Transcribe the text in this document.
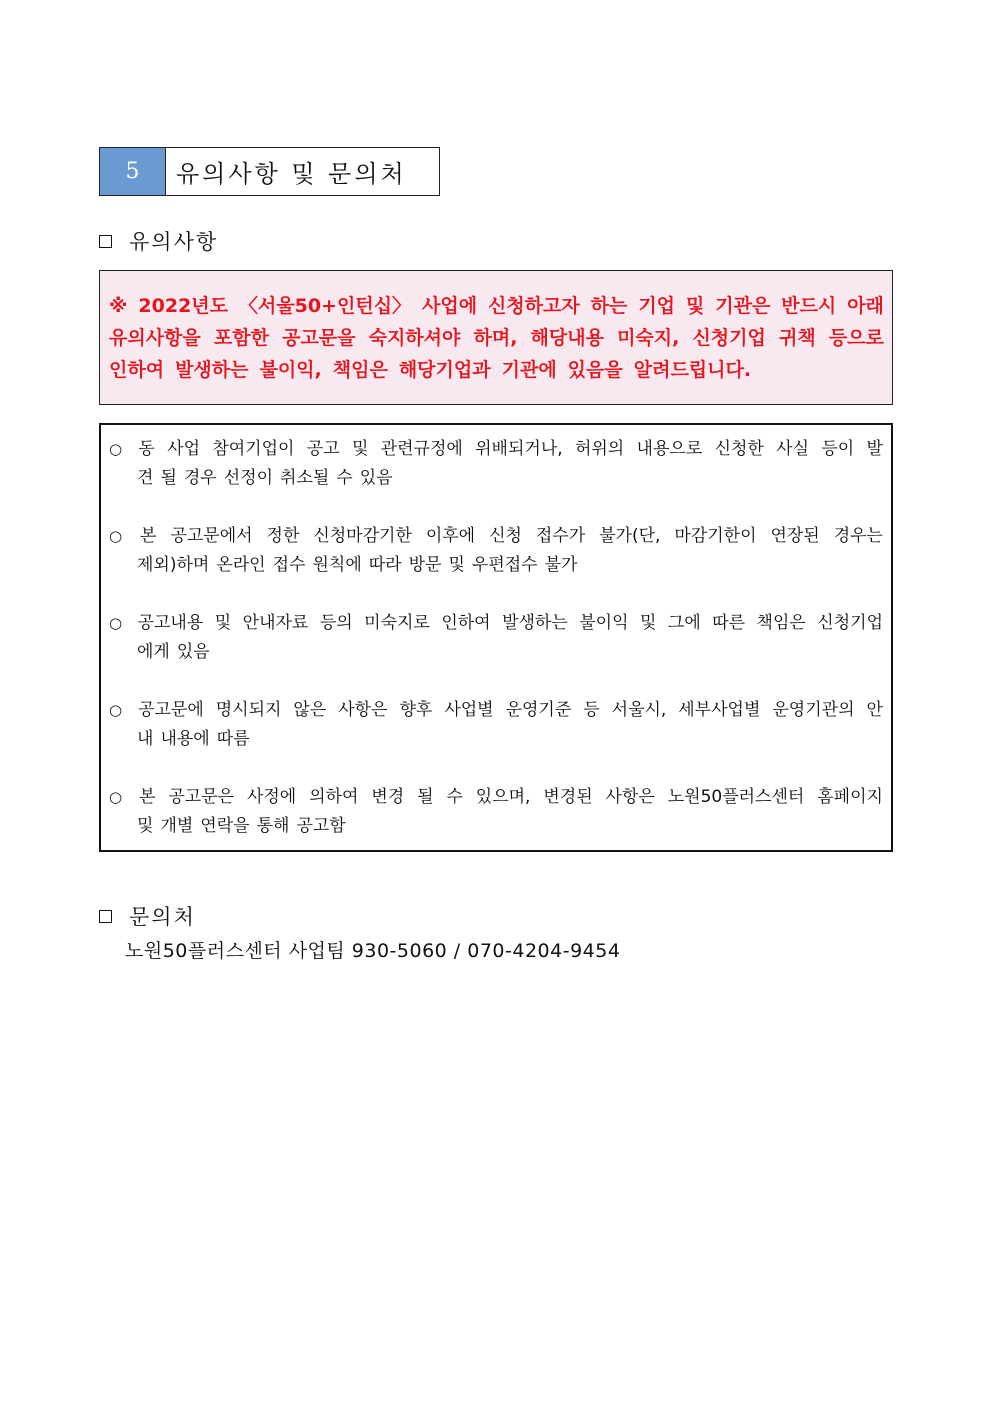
5	유의사항 및 문의처
유의사항
※ 2022년도 〈서울50+인턴십〉 사업에 신청하고자 하는 기업 및 기관은 반드시 아래
유의사항을 포함한 공고문을 숙지하셔야 하며, 해당내용 미숙지, 신청기업 귀책 등으로
인하여 발생하는 불이익, 책임은 해당기업과 기관에 있음을 알려드립니다.
○ 동 사업 참여기업이 공고 및 관련규정에 위배되거나, 허위의 내용으로 신청한 사실 등이 발
견 될 경우 선정이 취소될 수 있음
○ 본 공고문에서 정한 신청마감기한 이후에 신청 접수가 불가(단, 마감기한이 연장된 경우는
제외)하며 온라인 접수 원칙에 따라 방문 및 우편접수 불가
○ 공고내용 및 안내자료 등의 미숙지로 인하여 발생하는 불이익 및 그에 따른 책임은 신청기업
에게 있음
○ 공고문에 명시되지 않은 사항은 향후 사업별 운영기준 등 서울시, 세부사업별 운영기관의 안
내 내용에 따름
○ 본 공고문은 사정에 의하여 변경 될 수 있으며, 변경된 사항은 노원50플러스센터 홈페이지
및 개별 연락을 통해 공고함
문의처
노원50플러스센터 사업팀 930-5060 / 070-4204-9454
